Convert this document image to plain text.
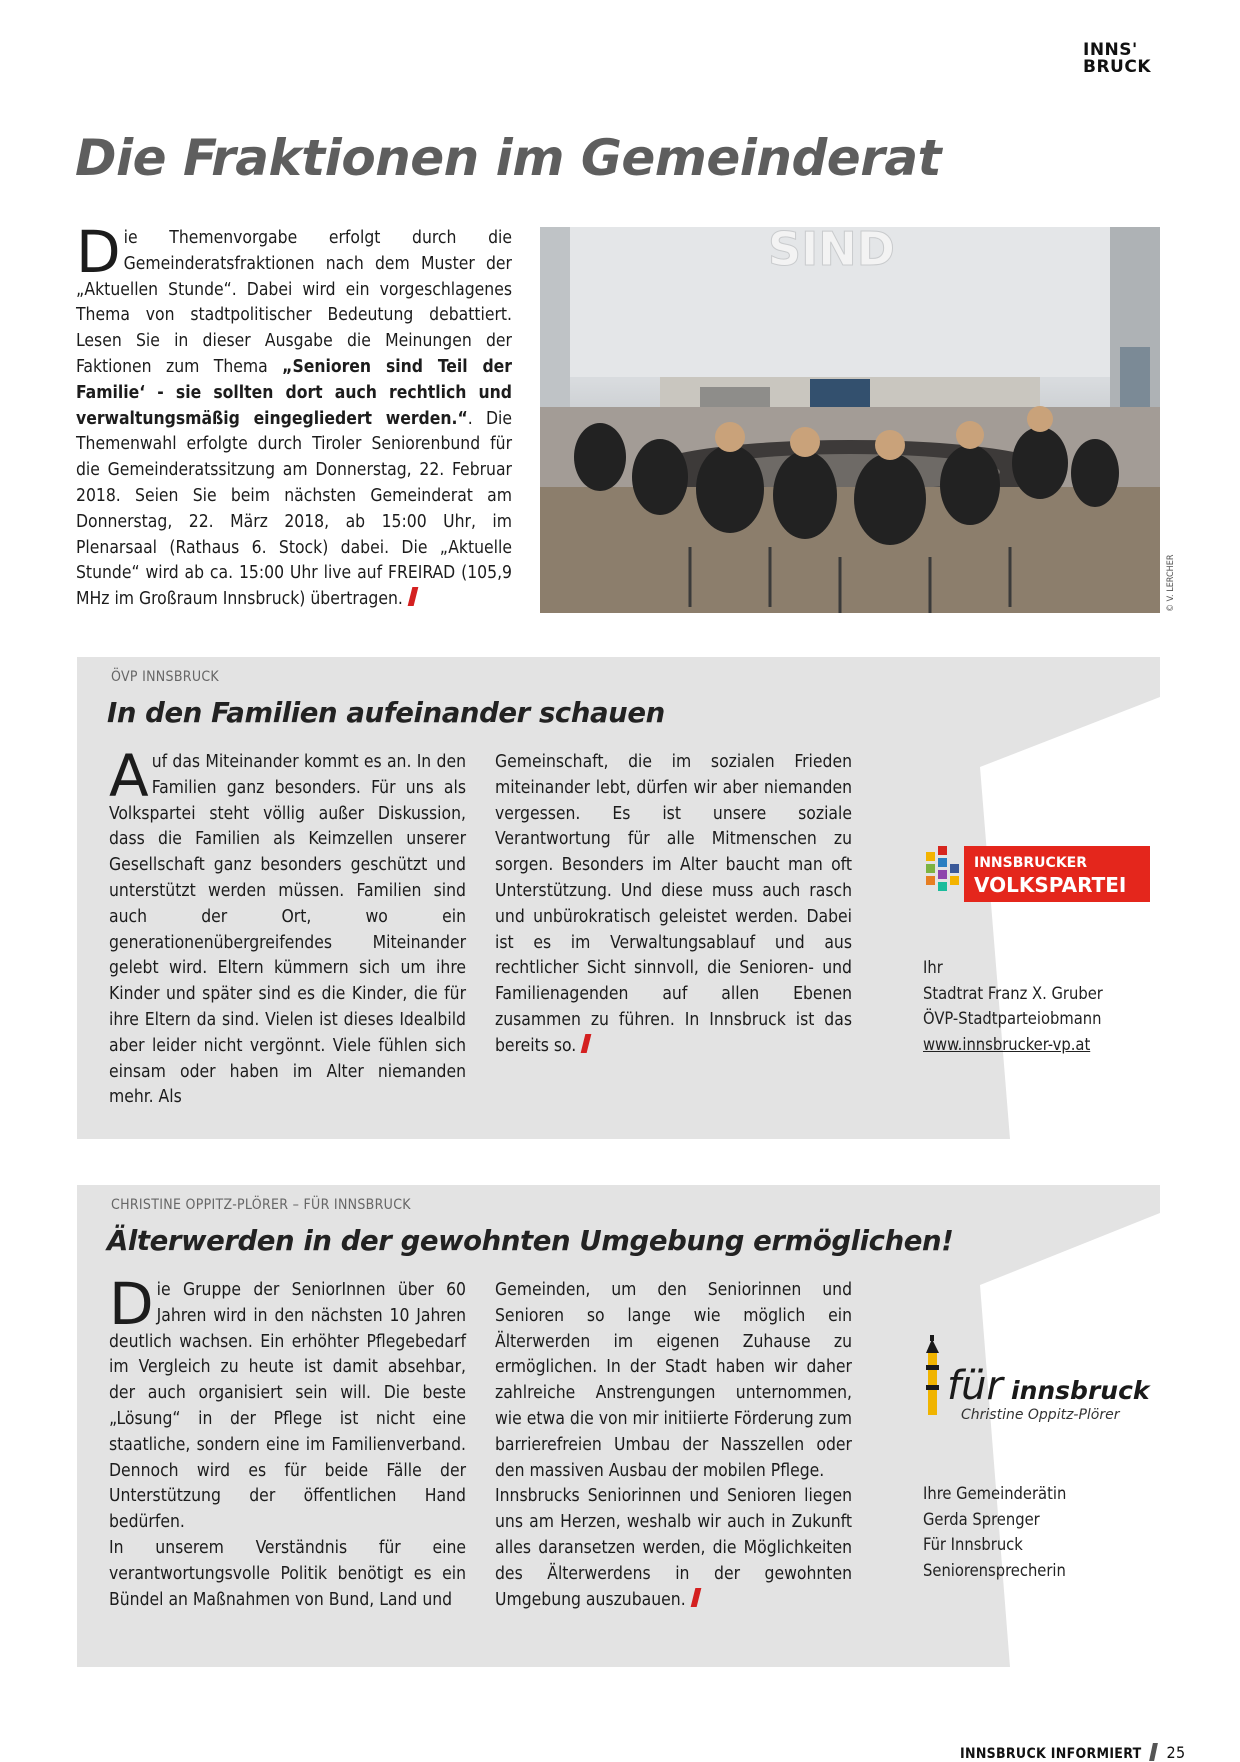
INNS'
BRUCK
Die Fraktionen im Gemeinderat
Die Themenvorgabe erfolgt durch die Gemeinderatsfraktionen nach dem Muster der „Aktuellen Stunde“. Dabei wird ein vorgeschlagenes Thema von stadtpolitischer Bedeutung debattiert. Lesen Sie in dieser Ausgabe die Meinungen der Faktionen zum Thema „Senioren sind Teil der Familie‘ - sie sollten dort auch rechtlich und verwaltungsmäßig eingegliedert werden.“. Die Themenwahl erfolgte durch Tiroler Seniorenbund für die Gemeinderatssitzung am Donnerstag, 22. Februar 2018. Seien Sie beim nächsten Gemeinderat am Donnerstag, 22. März 2018, ab 15:00 Uhr, im Plenarsaal (Rathaus 6. Stock) dabei. Die „Aktuelle Stunde“ wird ab ca. 15:00 Uhr live auf FREIRAD (105,9 MHz im Großraum Innsbruck) übertragen.
SIND
© V. LERCHER
ÖVP INNSBRUCK
In den Familien aufeinander schauen
Auf das Miteinander kommt es an. In den Familien ganz besonders. Für uns als Volkspartei steht völlig außer Diskussion, dass die Familien als Keimzellen unserer Gesellschaft ganz besonders geschützt und unterstützt werden müssen. Familien sind auch der Ort, wo ein generationenübergreifendes Miteinander gelebt wird. Eltern kümmern sich um ihre Kinder und später sind es die Kinder, die für ihre Eltern da sind. Vielen ist dieses Idealbild aber leider nicht vergönnt. Viele fühlen sich einsam oder haben im Alter niemanden mehr. Als
Gemeinschaft, die im sozialen Frieden miteinander lebt, dürfen wir aber niemanden vergessen. Es ist unsere soziale Verantwortung für alle Mitmenschen zu sorgen. Besonders im Alter baucht man oft Unterstützung. Und diese muss auch rasch und unbürokratisch geleistet werden. Dabei ist es im Verwaltungsablauf und aus rechtlicher Sicht sinnvoll, die Senioren- und Familienagenden auf allen Ebenen zusammen zu führen. In Innsbruck ist das bereits so.
INNSBRUCKER
VOLKSPARTEI
Ihr
Stadtrat Franz X. Gruber
ÖVP-Stadtparteiobmann
www.innsbrucker-vp.at
CHRISTINE OPPITZ-PLÖRER – FÜR INNSBRUCK
Älterwerden in der gewohnten Umgebung ermöglichen!
Die Gruppe der SeniorInnen über 60 Jahren wird in den nächsten 10 Jahren deutlich wachsen. Ein erhöhter Pflegebedarf im Vergleich zu heute ist damit absehbar, der auch organisiert sein will. Die beste „Lösung“ in der Pflege ist nicht eine staatliche, sondern eine im Familienverband. Dennoch wird es für beide Fälle der Unterstützung der öffentlichen Hand bedürfen.
In unserem Verständnis für eine verantwortungsvolle Politik benötigt es ein Bündel an Maßnahmen von Bund, Land und
Gemeinden, um den Seniorinnen und Senioren so lange wie möglich ein Älterwerden im eigenen Zuhause zu ermöglichen. In der Stadt haben wir daher zahlreiche Anstrengungen unternommen, wie etwa die von mir initiierte Förderung zum barrierefreien Umbau der Nasszellen oder den massiven Ausbau der mobilen Pflege.
Innsbrucks Seniorinnen und Senioren liegen uns am Herzen, weshalb wir auch in Zukunft alles daransetzen werden, die Möglichkeiten des Älterwerdens in der gewohnten Umgebung auszubauen.
für innsbruck
Christine Oppitz-Plörer
Ihre Gemeinderätin
Gerda Sprenger
Für Innsbruck
Seniorensprecherin
INNSBRUCK INFORMIERT 25
